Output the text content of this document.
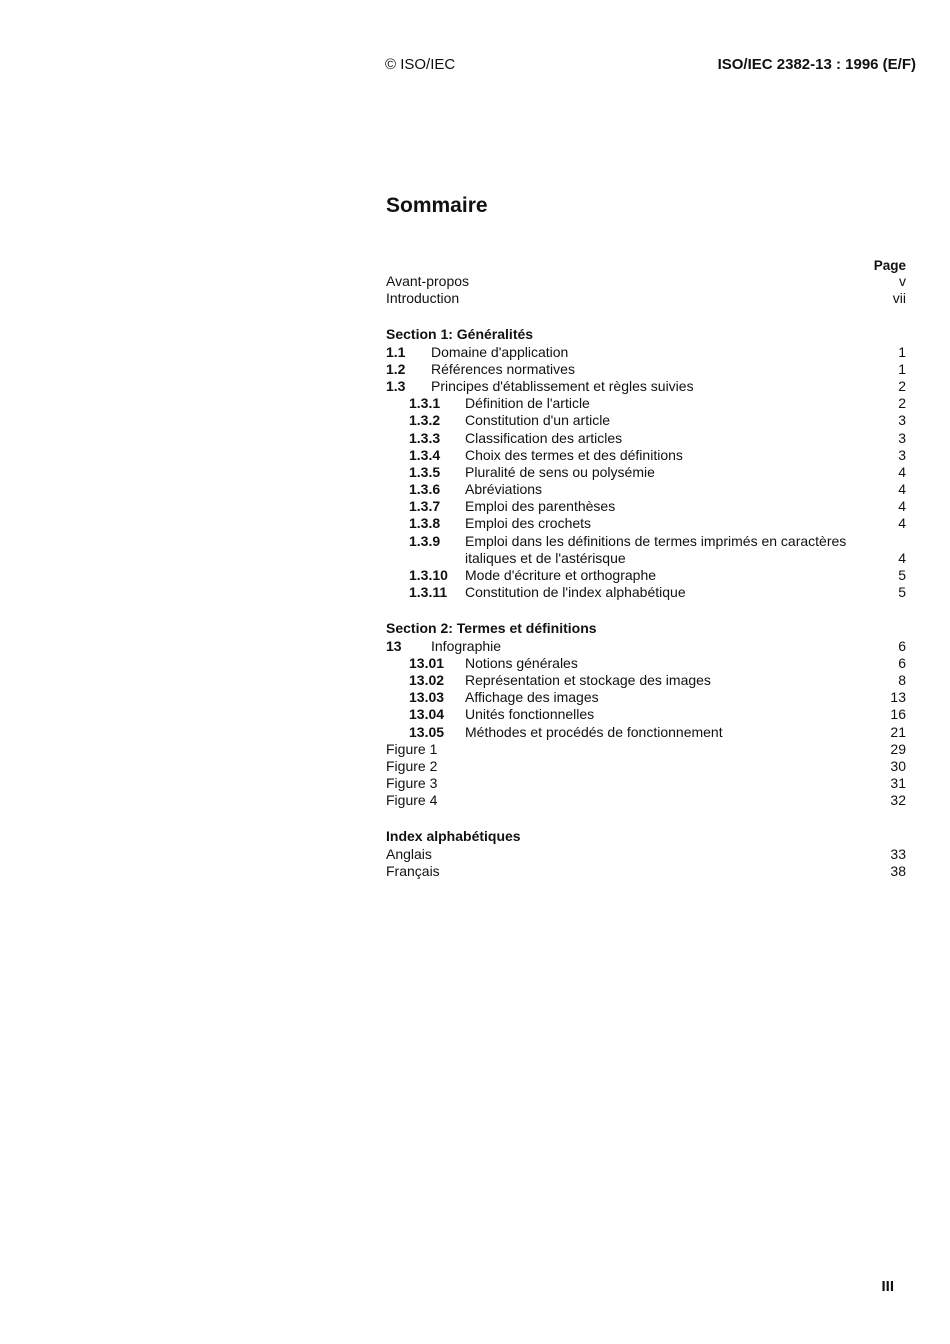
© ISO/IEC	ISO/IEC 2382-13 : 1996 (E/F)
Sommaire
Page
Avant-propos	v
Introduction	vii
Section 1: Généralités
1.1 Domaine d'application	1
1.2 Références normatives	1
1.3 Principes d'établissement et règles suivies	2
1.3.1 Définition de l'article	2
1.3.2 Constitution d'un article	3
1.3.3 Classification des articles	3
1.3.4 Choix des termes et des définitions	3
1.3.5 Pluralité de sens ou polysémie	4
1.3.6 Abréviations	4
1.3.7 Emploi des parenthèses	4
1.3.8 Emploi des crochets	4
1.3.9 Emploi dans les définitions de termes imprimés en caractères italiques et de l'astérisque	4
1.3.10 Mode d'écriture et orthographe	5
1.3.11 Constitution de l'index alphabétique	5
Section 2: Termes et définitions
13 Infographie	6
13.01 Notions générales	6
13.02 Représentation et stockage des images	8
13.03 Affichage des images	13
13.04 Unités fonctionnelles	16
13.05 Méthodes et procédés de fonctionnement	21
Figure 1	29
Figure 2	30
Figure 3	31
Figure 4	32
Index alphabétiques
Anglais	33
Français	38
III
